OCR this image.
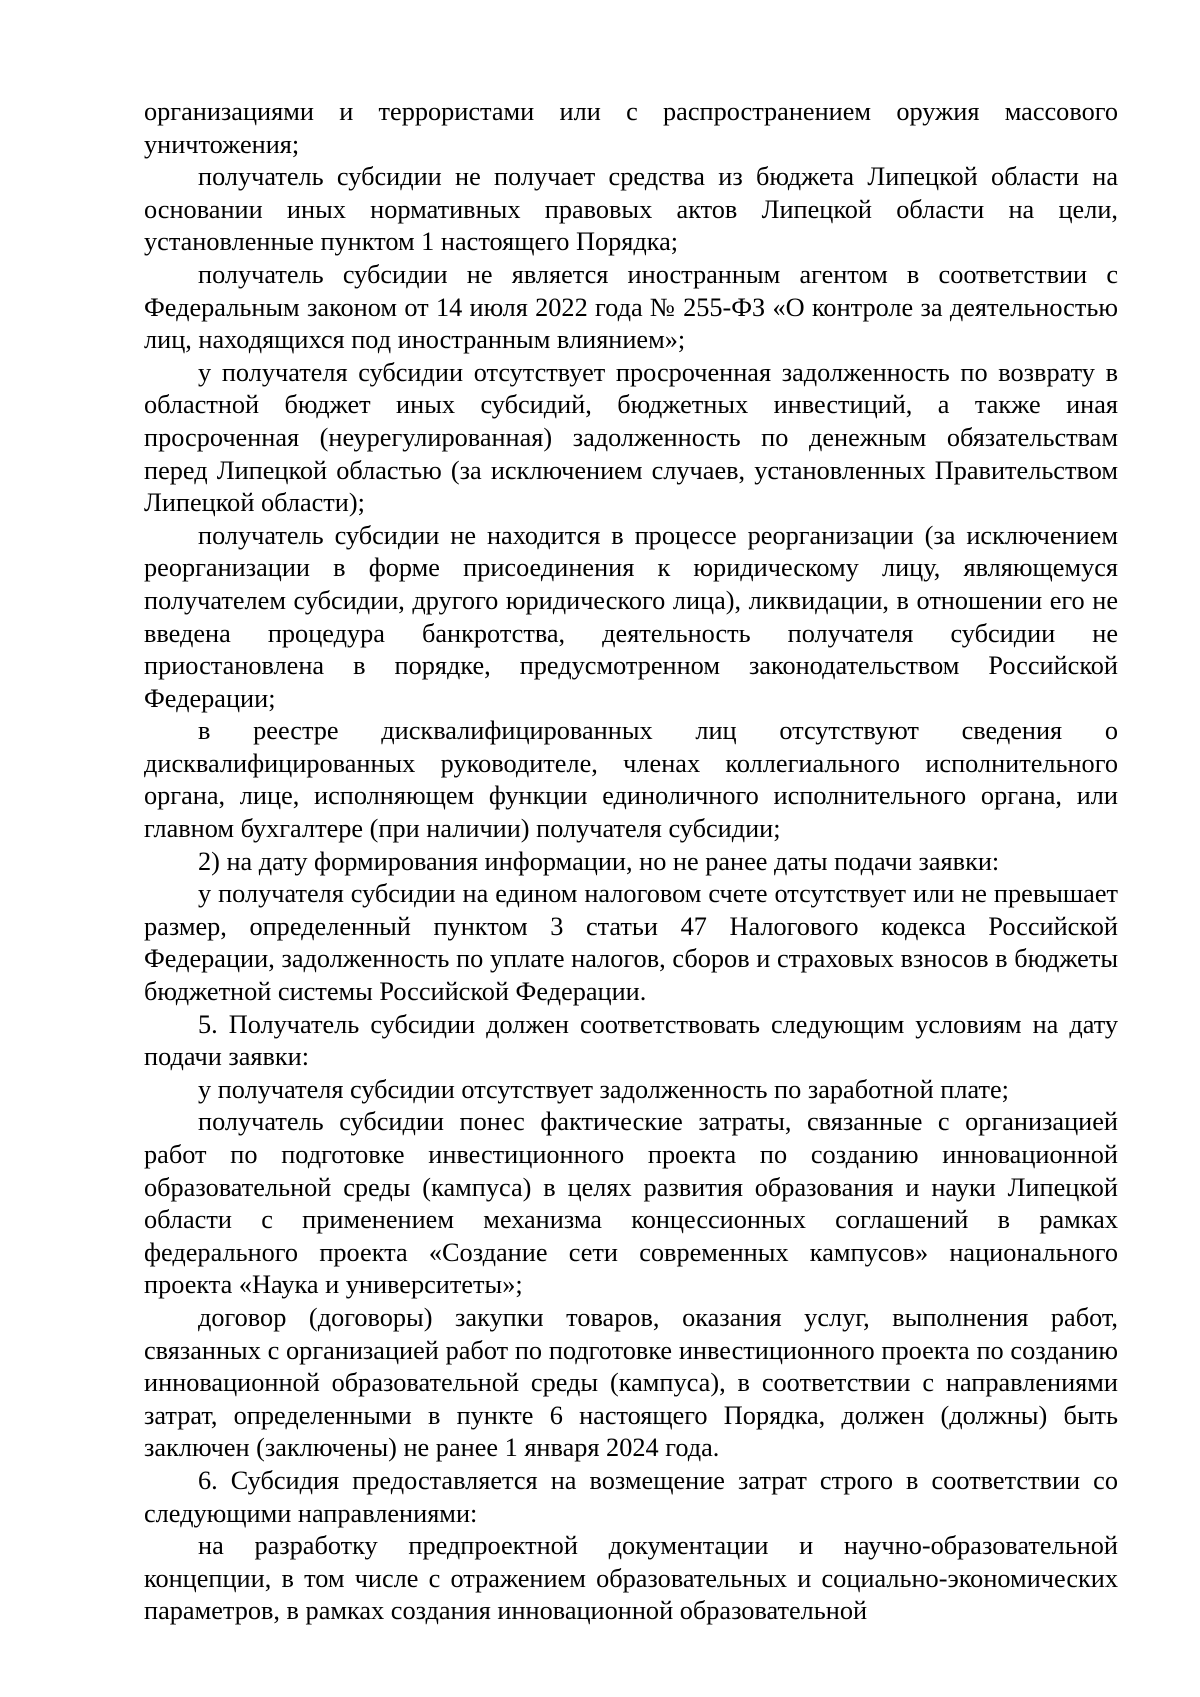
организациями и террористами или с распространением оружия массового уничтожения;

получатель субсидии не получает средства из бюджета Липецкой области на основании иных нормативных правовых актов Липецкой области на цели, установленные пунктом 1 настоящего Порядка;

получатель субсидии не является иностранным агентом в соответствии с Федеральным законом от 14 июля 2022 года № 255-ФЗ «О контроле за деятельностью лиц, находящихся под иностранным влиянием»;

у получателя субсидии отсутствует просроченная задолженность по возврату в областной бюджет иных субсидий, бюджетных инвестиций, а также иная просроченная (неурегулированная) задолженность по денежным обязательствам перед Липецкой областью (за исключением случаев, установленных Правительством Липецкой области);

получатель субсидии не находится в процессе реорганизации (за исключением реорганизации в форме присоединения к юридическому лицу, являющемуся получателем субсидии, другого юридического лица), ликвидации, в отношении его не введена процедура банкротства, деятельность получателя субсидии не приостановлена в порядке, предусмотренном законодательством Российской Федерации;

в реестре дисквалифицированных лиц отсутствуют сведения о дисквалифицированных руководителе, членах коллегиального исполнительного органа, лице, исполняющем функции единоличного исполнительного органа, или главном бухгалтере (при наличии) получателя субсидии;

2) на дату формирования информации, но не ранее даты подачи заявки:

у получателя субсидии на едином налоговом счете отсутствует или не превышает размер, определенный пунктом 3 статьи 47 Налогового кодекса Российской Федерации, задолженность по уплате налогов, сборов и страховых взносов в бюджеты бюджетной системы Российской Федерации.

5. Получатель субсидии должен соответствовать следующим условиям на дату подачи заявки:

у получателя субсидии отсутствует задолженность по заработной плате;

получатель субсидии понес фактические затраты, связанные с организацией работ по подготовке инвестиционного проекта по созданию инновационной образовательной среды (кампуса) в целях развития образования и науки Липецкой области с применением механизма концессионных соглашений в рамках федерального проекта «Создание сети современных кампусов» национального проекта «Наука и университеты»;

договор (договоры) закупки товаров, оказания услуг, выполнения работ, связанных с организацией работ по подготовке инвестиционного проекта по созданию инновационной образовательной среды (кампуса), в соответствии с направлениями затрат, определенными в пункте 6 настоящего Порядка, должен (должны) быть заключен (заключены) не ранее 1 января 2024 года.

6. Субсидия предоставляется на возмещение затрат строго в соответствии со следующими направлениями:

на разработку предпроектной документации и научно-образовательной концепции, в том числе с отражением образовательных и социально-экономических параметров, в рамках создания инновационной образовательной
